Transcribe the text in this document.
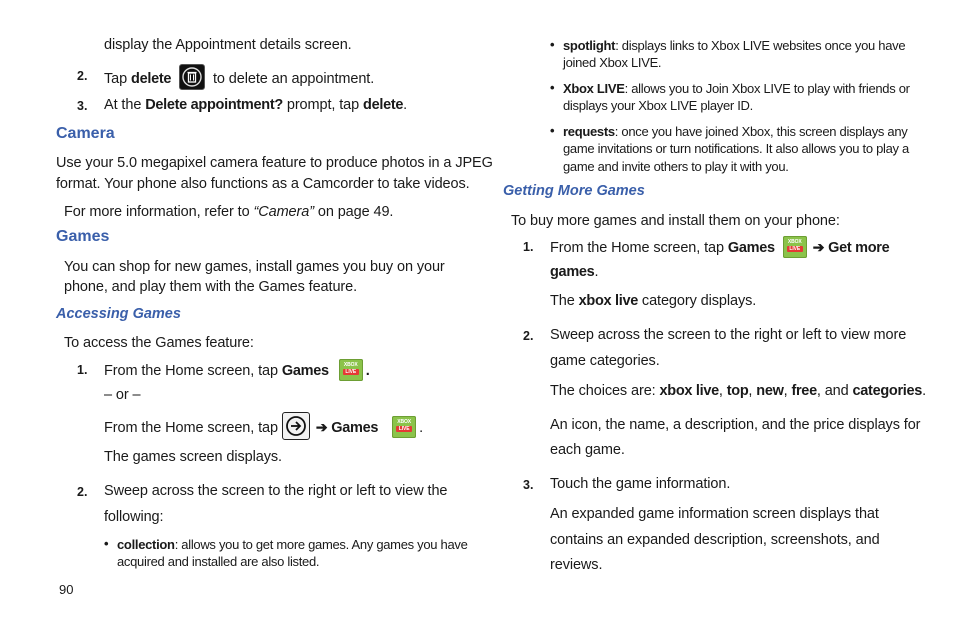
display the Appointment details screen.
2. Tap delete	to delete an appointment.
3. At the Delete appointment? prompt, tap delete.
Camera
Use your 5.0 megapixel camera feature to produce photos in a JPEG
format. Your phone also functions as a Camcorder to take videos.
For more information, refer to “Camera” on page 49.
Games
You can shop for new games, install games you buy on your
phone, and play them with the Games feature.
Accessing Games
To access the Games feature:
1. From the Home screen, tap Games	XBOX
LIVE .
– or –
From the Home screen, tap
➔ Games	XBOX
LIVE .
The games screen displays.
2. Sweep across the screen to the right or left to view the
following:
• collection: allows you to get more games. Any games you have
acquired and installed are also listed.
90
• spotlight: displays links to Xbox LIVE websites once you have
joined Xbox LIVE.
• Xbox LIVE: allows you to Join Xbox LIVE to play with friends or
displays your Xbox LIVE player ID.
• requests: once you have joined Xbox, this screen displays any
game invitations or turn notifications. It also allows you to play a
game and invite others to play it with you.
Getting More Games
To buy more games and install them on your phone:
1. From the Home screen, tap Games	XBOX
LIVE ➔ Get more
games.
The xbox live category displays.
2. Sweep across the screen to the right or left to view more
game categories.
The choices are: xbox live, top, new, free, and categories.
An icon, the name, a description, and the price displays for
each game.
3. Touch the game information.
An expanded game information screen displays that
contains an expanded description, screenshots, and
reviews.
